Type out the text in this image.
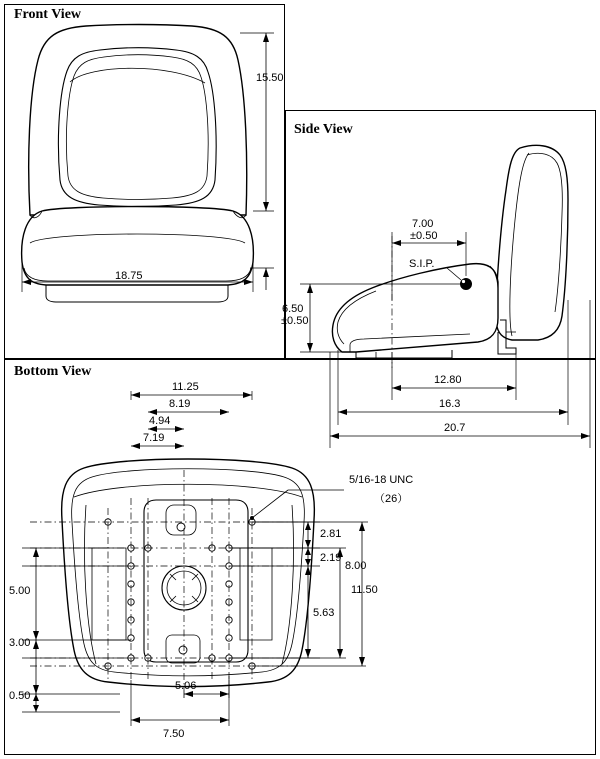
Front View
Side View
Bottom View
15.50
18.75
7.00
±0.50
S.I.P.
6.50
±0.50
12.80
16.3
20.7
11.25
8.19
4.94
7.19
5.06
7.50
2.81
2.19
5.63
8.00
11.50
5.00
3.00
0.50
5/16-18 UNC
（26）
